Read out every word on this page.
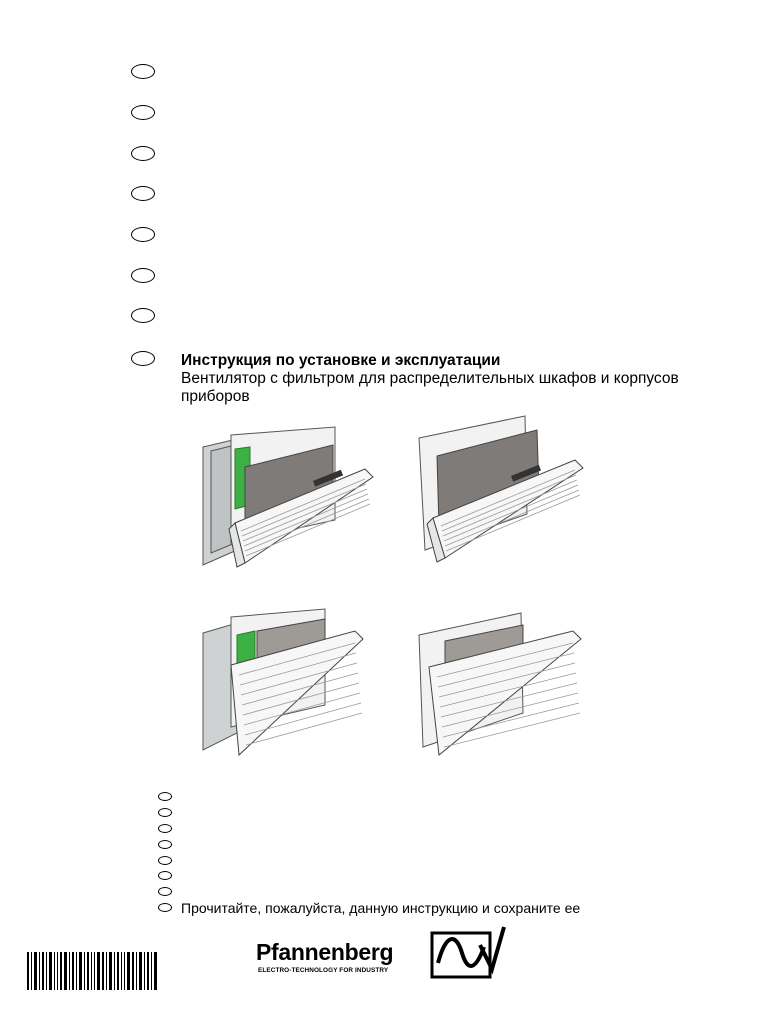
Инструкция по установке и эксплуатации

Вентилятор с фильтром для распределительных шкафов и корпусов приборов

Прочитайте, пожалуйста, данную инструкцию и сохраните ее
Pfannenberg
ELECTRO-TECHNOLOGY FOR INDUSTRY
